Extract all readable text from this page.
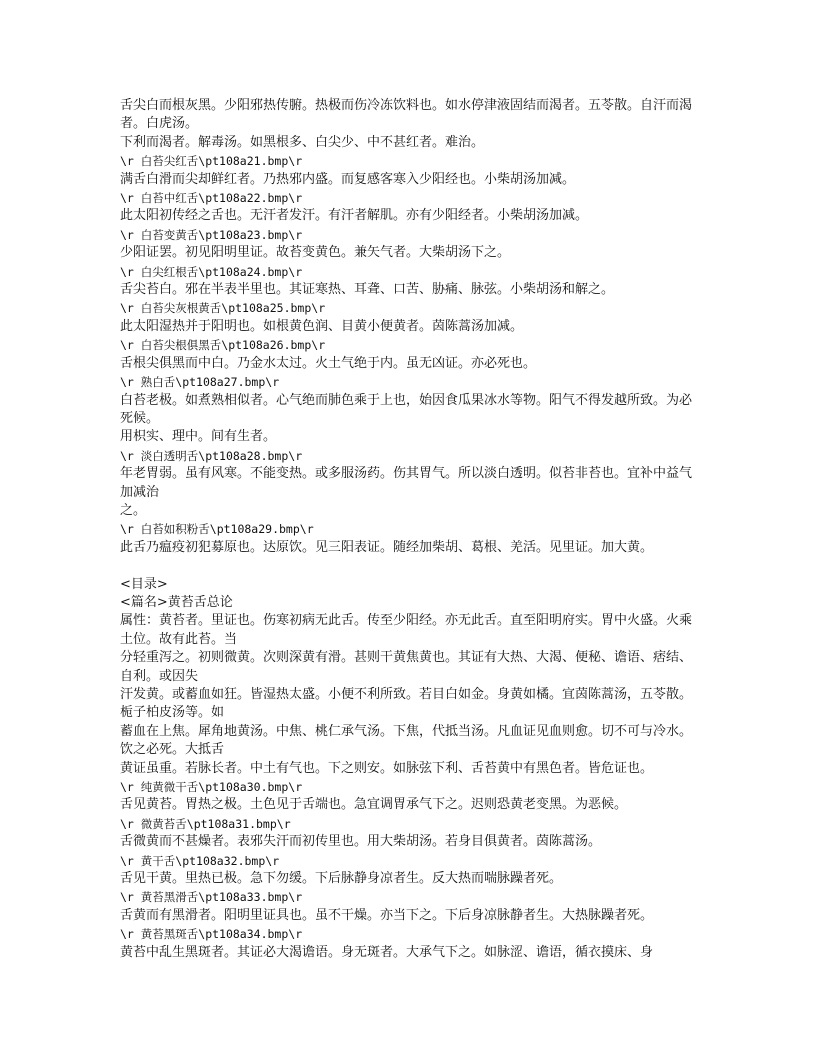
舌尖白而根灰黑。少阳邪热传腑。热极而伤冷冻饮料也。如水停津液固结而渴者。五苓散。自汗而渴者。白虎汤。

下利而渴者。解毒汤。如黑根多、白尖少、中不甚红者。难治。

\r 白苔尖红舌\pt108a21.bmp\r

满舌白滑而尖却鲜红者。乃热邪内盛。而复感客寒入少阳经也。小柴胡汤加减。

\r 白苔中红舌\pt108a22.bmp\r

此太阳初传经之舌也。无汗者发汗。有汗者解肌。亦有少阳经者。小柴胡汤加减。

\r 白苔变黄舌\pt108a23.bmp\r

少阳证罢。初见阳明里证。故苔变黄色。兼矢气者。大柴胡汤下之。

\r 白尖红根舌\pt108a24.bmp\r

舌尖苔白。邪在半表半里也。其证寒热、耳聋、口苦、胁痛、脉弦。小柴胡汤和解之。

\r 白苔尖灰根黄舌\pt108a25.bmp\r

此太阳湿热并于阳明也。如根黄色润、目黄小便黄者。茵陈蒿汤加减。

\r 白苔尖根俱黑舌\pt108a26.bmp\r

舌根尖俱黑而中白。乃金水太过。火土气绝于内。虽无凶证。亦必死也。

\r 熟白舌\pt108a27.bmp\r

白苔老极。如煮熟相似者。心气绝而肺色乘于上也，始因食瓜果冰水等物。阳气不得发越所致。为必死候。

用枳实、理中。间有生者。

\r 淡白透明舌\pt108a28.bmp\r

年老胃弱。虽有风寒。不能变热。或多服汤药。伤其胃气。所以淡白透明。似苔非苔也。宜补中益气加减治

之。

\r 白苔如积粉舌\pt108a29.bmp\r

此舌乃瘟疫初犯募原也。达原饮。见三阳表证。随经加柴胡、葛根、羌活。见里证。加大黄。

<目录>

<篇名>黄苔舌总论

属性：黄苔者。里证也。伤寒初病无此舌。传至少阳经。亦无此舌。直至阳明府实。胃中火盛。火乘土位。故有此苔。当

分轻重泻之。初则微黄。次则深黄有滑。甚则干黄焦黄也。其证有大热、大渴、便秘、谵语、痞结、自利。或因失

汗发黄。或蓄血如狂。皆湿热太盛。小便不利所致。若目白如金。身黄如橘。宜茵陈蒿汤，五苓散。栀子柏皮汤等。如

蓄血在上焦。犀角地黄汤。中焦、桃仁承气汤。下焦，代抵当汤。凡血证见血则愈。切不可与冷水。饮之必死。大抵舌

黄证虽重。若脉长者。中土有气也。下之则安。如脉弦下利、舌苔黄中有黑色者。皆危证也。

\r 纯黄微干舌\pt108a30.bmp\r

舌见黄苔。胃热之极。土色见于舌端也。急宜调胃承气下之。迟则恐黄老变黑。为恶候。

\r 微黄苔舌\pt108a31.bmp\r

舌微黄而不甚燥者。表邪失汗而初传里也。用大柴胡汤。若身目俱黄者。茵陈蒿汤。

\r 黄干舌\pt108a32.bmp\r

舌见干黄。里热已极。急下勿缓。下后脉静身凉者生。反大热而喘脉躁者死。

\r 黄苔黑滑舌\pt108a33.bmp\r

舌黄而有黑滑者。阳明里证具也。虽不干燥。亦当下之。下后身凉脉静者生。大热脉躁者死。

\r 黄苔黑斑舌\pt108a34.bmp\r

黄苔中乱生黑斑者。其证必大渴谵语。身无斑者。大承气下之。如脉涩、谵语，循衣摸床、身
